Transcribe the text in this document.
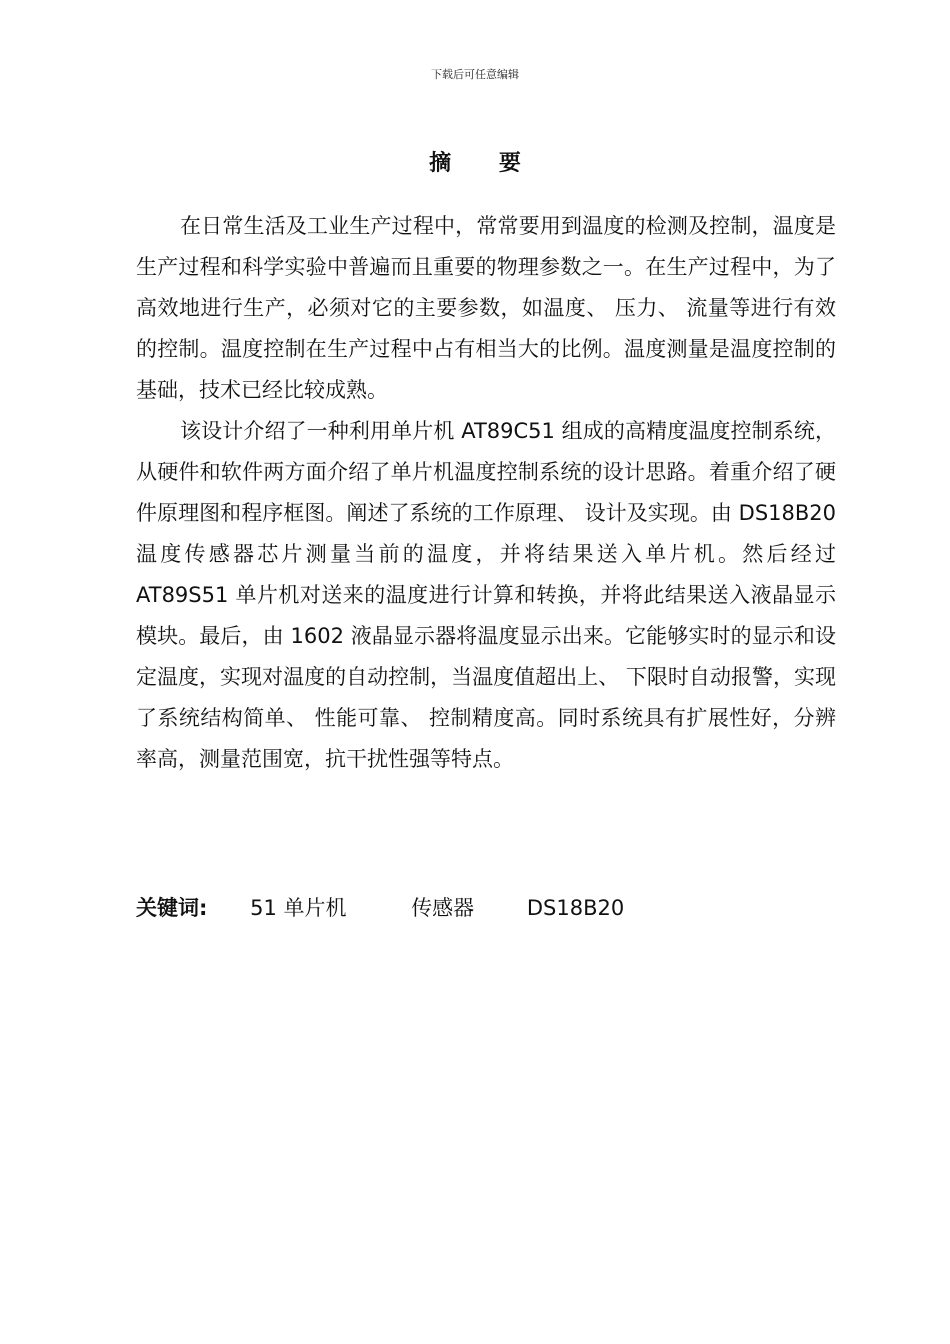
下载后可任意编辑
摘 要

在日常生活及工业生产过程中，常常要用到温度的检测及控制，温度是生产过程和科学实验中普遍而且重要的物理参数之一。在生产过程中，为了高效地进行生产，必须对它的主要参数，如温度、 压力、 流量等进行有效的控制。温度控制在生产过程中占有相当大的比例。温度测量是温度控制的基础，技术已经比较成熟。

该设计介绍了一种利用单片机 AT89C51 组成的高精度温度控制系统，从硬件和软件两方面介绍了单片机温度控制系统的设计思路。着重介绍了硬件原理图和程序框图。阐述了系统的工作原理、 设计及实现。由 DS18B20 温度传感器芯片测量当前的温度，并将结果送入单片机。然后经过 AT89S51 单片机对送来的温度进行计算和转换，并将此结果送入液晶显示模块。最后，由 1602 液晶显示器将温度显示出来。它能够实时的显示和设定温度，实现对温度的自动控制，当温度值超出上、 下限时自动报警，实现了系统结构简单、 性能可靠、 控制精度高。同时系统具有扩展性好，分辨率高，测量范围宽，抗干扰性强等特点。

关键词: 51 单片机	传感器	DS18B20
